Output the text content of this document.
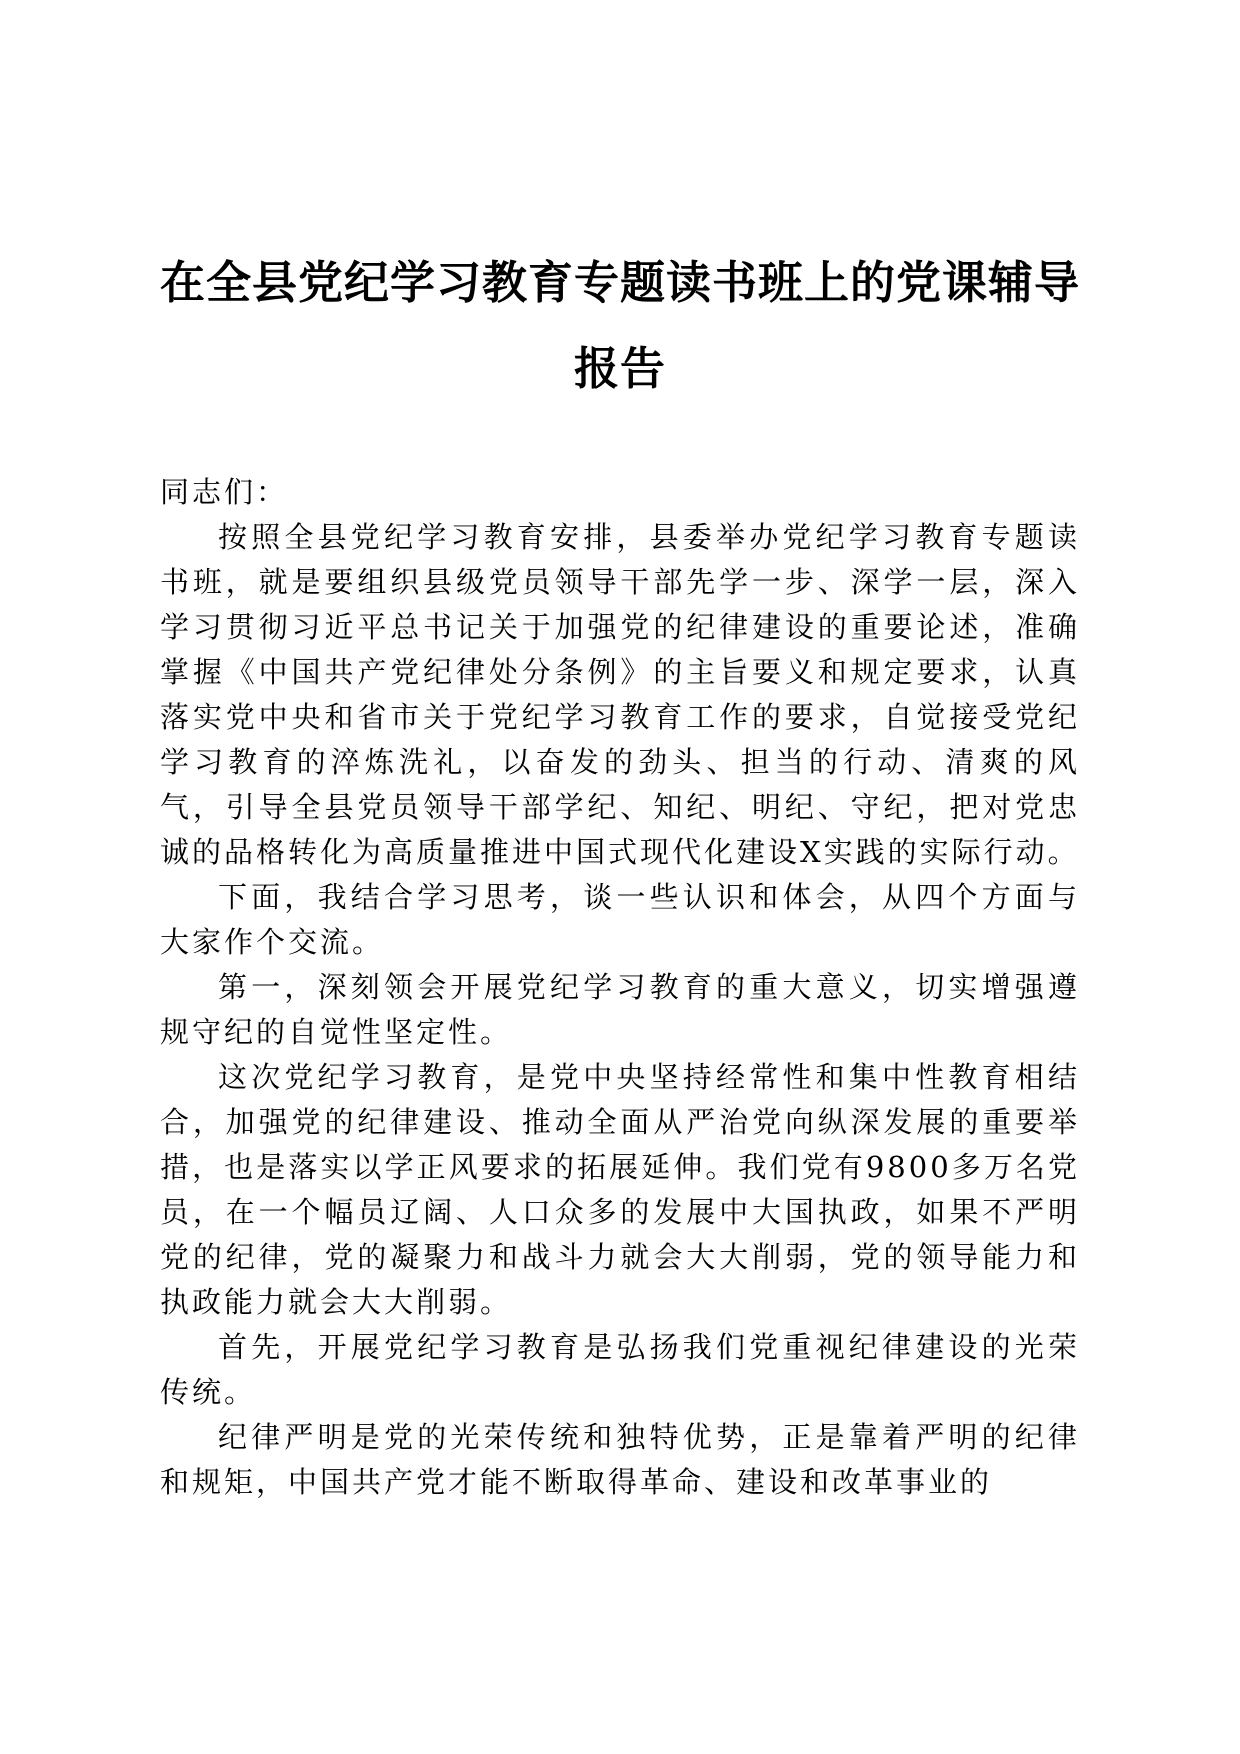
在全县党纪学习教育专题读书班上的党课辅导
报告

同志们：

按照全县党纪学习教育安排，县委举办党纪学习教育专题读书班，就是要组织县级党员领导干部先学一步、深学一层，深入学习贯彻习近平总书记关于加强党的纪律建设的重要论述，准确掌握《中国共产党纪律处分条例》的主旨要义和规定要求，认真落实党中央和省市关于党纪学习教育工作的要求，自觉接受党纪学习教育的淬炼洗礼，以奋发的劲头、担当的行动、清爽的风气，引导全县党员领导干部学纪、知纪、明纪、守纪，把对党忠诚的品格转化为高质量推进中国式现代化建设X实践的实际行动。

下面，我结合学习思考，谈一些认识和体会，从四个方面与大家作个交流。

第一，深刻领会开展党纪学习教育的重大意义，切实增强遵规守纪的自觉性坚定性。

这次党纪学习教育，是党中央坚持经常性和集中性教育相结合，加强党的纪律建设、推动全面从严治党向纵深发展的重要举措，也是落实以学正风要求的拓展延伸。我们党有9800多万名党员，在一个幅员辽阔、人口众多的发展中大国执政，如果不严明党的纪律，党的凝聚力和战斗力就会大大削弱，党的领导能力和执政能力就会大大削弱。

首先，开展党纪学习教育是弘扬我们党重视纪律建设的光荣传统。

纪律严明是党的光荣传统和独特优势，正是靠着严明的纪律和规矩，中国共产党才能不断取得革命、建设和改革事业的
